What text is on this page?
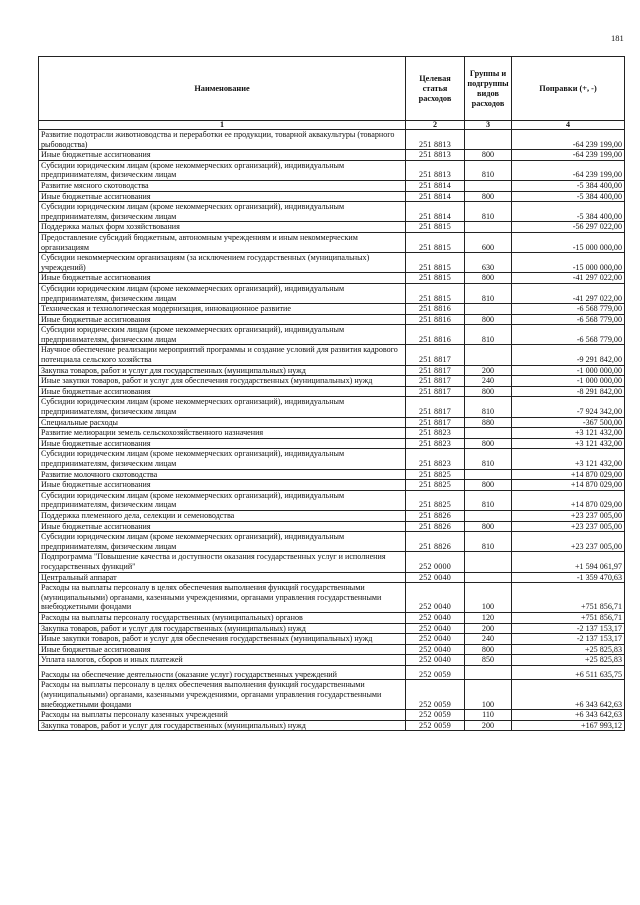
181
Наименование	Целевая статья расходов	Группы и подгруппы видов расходов	Поправки (+, -)
1	2	3	4
Развитие подотрасли животноводства и переработки ее продукции, товарной аквакультуры (товарного рыбоводства)	251 8813		-64 239 199,00
Иные бюджетные ассигнования	251 8813	800	-64 239 199,00
Субсидии юридическим лицам (кроме некоммерческих организаций), индивидуальным предпринимателям, физическим лицам	251 8813	810	-64 239 199,00
Развитие мясного скотоводства	251 8814		-5 384 400,00
Иные бюджетные ассигнования	251 8814	800	-5 384 400,00
Субсидии юридическим лицам (кроме некоммерческих организаций), индивидуальным предпринимателям, физическим лицам	251 8814	810	-5 384 400,00
Поддержка малых форм хозяйствования	251 8815		-56 297 022,00
Предоставление субсидий бюджетным, автономным учреждениям и иным некоммерческим организациям	251 8815	600	-15 000 000,00
Субсидии некоммерческим организациям (за исключением государственных (муниципальных) учреждений)	251 8815	630	-15 000 000,00
Иные бюджетные ассигнования	251 8815	800	-41 297 022,00
Субсидии юридическим лицам (кроме некоммерческих организаций), индивидуальным предпринимателям, физическим лицам	251 8815	810	-41 297 022,00
Техническая и технологическая модернизация, инновационное развитие	251 8816		-6 568 779,00
Иные бюджетные ассигнования	251 8816	800	-6 568 779,00
Субсидии юридическим лицам (кроме некоммерческих организаций), индивидуальным предпринимателям, физическим лицам	251 8816	810	-6 568 779,00
Научное обеспечение реализации мероприятий программы и создание условий для развития кадрового потенциала сельского хозяйства	251 8817		-9 291 842,00
Закупка товаров, работ и услуг для государственных (муниципальных) нужд	251 8817	200	-1 000 000,00
Иные закупки товаров, работ и услуг для обеспечения государственных (муниципальных) нужд	251 8817	240	-1 000 000,00
Иные бюджетные ассигнования	251 8817	800	-8 291 842,00
Субсидии юридическим лицам (кроме некоммерческих организаций), индивидуальным предпринимателям, физическим лицам	251 8817	810	-7 924 342,00
Специальные расходы	251 8817	880	-367 500,00
Развитие мелиорации земель сельскохозяйственного назначения	251 8823		+3 121 432,00
Иные бюджетные ассигнования	251 8823	800	+3 121 432,00
Субсидии юридическим лицам (кроме некоммерческих организаций), индивидуальным предпринимателям, физическим лицам	251 8823	810	+3 121 432,00
Развитие молочного скотоводства	251 8825		+14 870 029,00
Иные бюджетные ассигнования	251 8825	800	+14 870 029,00
Субсидии юридическим лицам (кроме некоммерческих организаций), индивидуальным предпринимателям, физическим лицам	251 8825	810	+14 870 029,00
Поддержка племенного дела, селекции и семеноводства	251 8826		+23 237 005,00
Иные бюджетные ассигнования	251 8826	800	+23 237 005,00
Субсидии юридическим лицам (кроме некоммерческих организаций), индивидуальным предпринимателям, физическим лицам	251 8826	810	+23 237 005,00
Подпрограмма "Повышение качества и доступности оказания государственных услуг и исполнения государственных функций"	252 0000		+1 594 061,97
Центральный аппарат	252 0040		-1 359 470,63
Расходы на выплаты персоналу в целях обеспечения выполнения функций государственными (муниципальными) органами, казенными учреждениями, органами управления государственными внебюджетными фондами	252 0040	100	+751 856,71
Расходы на выплаты персоналу государственных (муниципальных) органов	252 0040	120	+751 856,71
Закупка товаров, работ и услуг для государственных (муниципальных) нужд	252 0040	200	-2 137 153,17
Иные закупки товаров, работ и услуг для обеспечения государственных (муниципальных) нужд	252 0040	240	-2 137 153,17
Иные бюджетные ассигнования	252 0040	800	+25 825,83
Уплата налогов, сборов и иных платежей	252 0040	850	+25 825,83
Расходы на обеспечение деятельности (оказание услуг) государственных учреждений	252 0059		+6 511 635,75
Расходы на выплаты персоналу в целях обеспечения выполнения функций государственными (муниципальными) органами, казенными учреждениями, органами управления государственными внебюджетными фондами	252 0059	100	+6 343 642,63
Расходы на выплаты персоналу казенных учреждений	252 0059	110	+6 343 642,63
Закупка товаров, работ и услуг для государственных (муниципальных) нужд	252 0059	200	+167 993,12
